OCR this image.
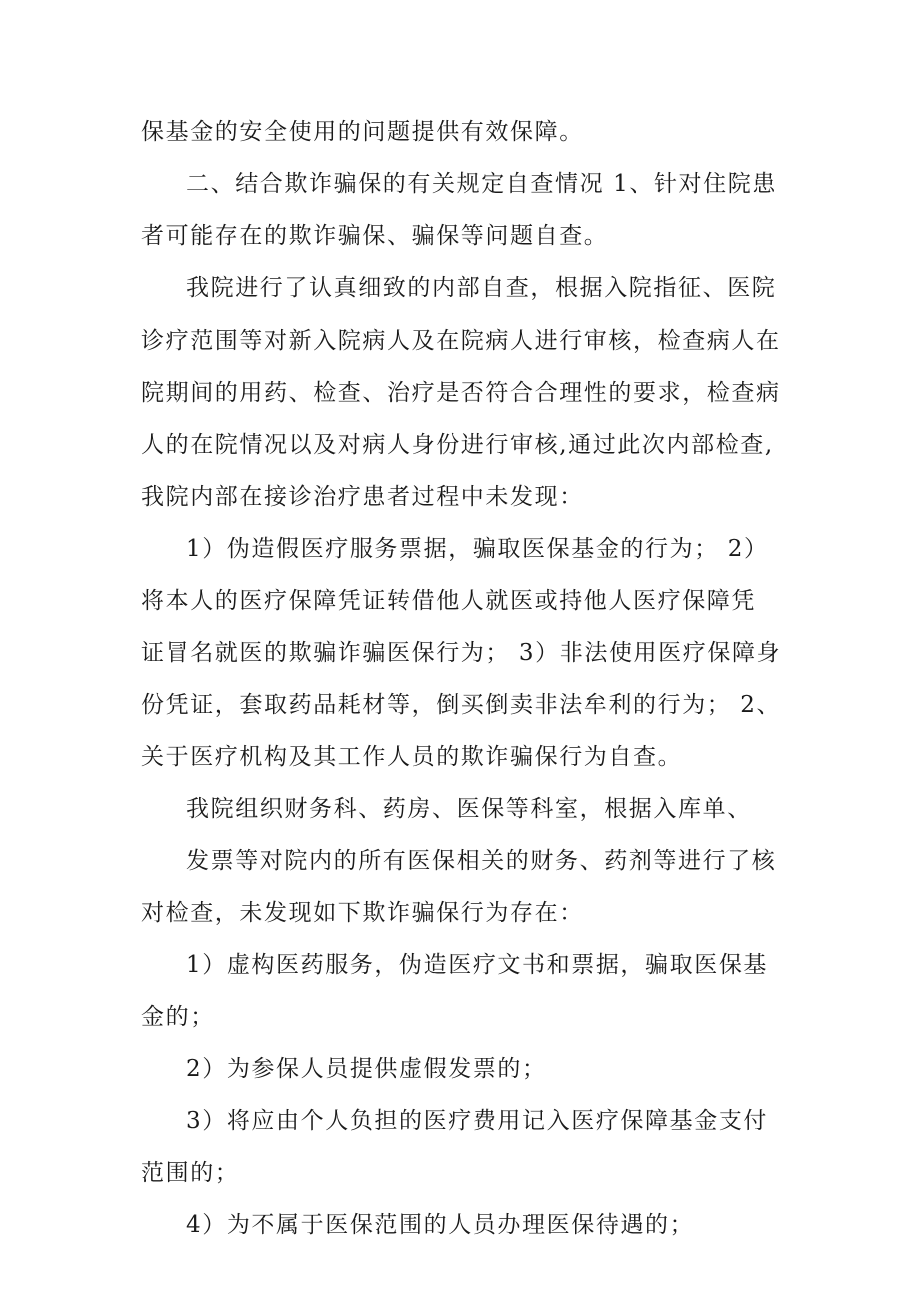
保基金的安全使用的问题提供有效保障。
二、结合欺诈骗保的有关规定自查情况 1、针对住院患
者可能存在的欺诈骗保、骗保等问题自查。
我院进行了认真细致的内部自查，根据入院指征、医院
诊疗范围等对新入院病人及在院病人进行审核，检查病人在
院期间的用药、检查、治疗是否符合合理性的要求，检查病
人的在院情况以及对病人身份进行审核,通过此次内部检查,
我院内部在接诊治疗患者过程中未发现：
1）伪造假医疗服务票据，骗取医保基金的行为； 2）
将本人的医疗保障凭证转借他人就医或持他人医疗保障凭
证冒名就医的欺骗诈骗医保行为； 3）非法使用医疗保障身
份凭证，套取药品耗材等，倒买倒卖非法牟利的行为； 2、
关于医疗机构及其工作人员的欺诈骗保行为自查。
我院组织财务科、药房、医保等科室，根据入库单、
发票等对院内的所有医保相关的财务、药剂等进行了核
对检查，未发现如下欺诈骗保行为存在：
1）虚构医药服务，伪造医疗文书和票据，骗取医保基
金的；
2）为参保人员提供虚假发票的；
3）将应由个人负担的医疗费用记入医疗保障基金支付
范围的；
4）为不属于医保范围的人员办理医保待遇的；
